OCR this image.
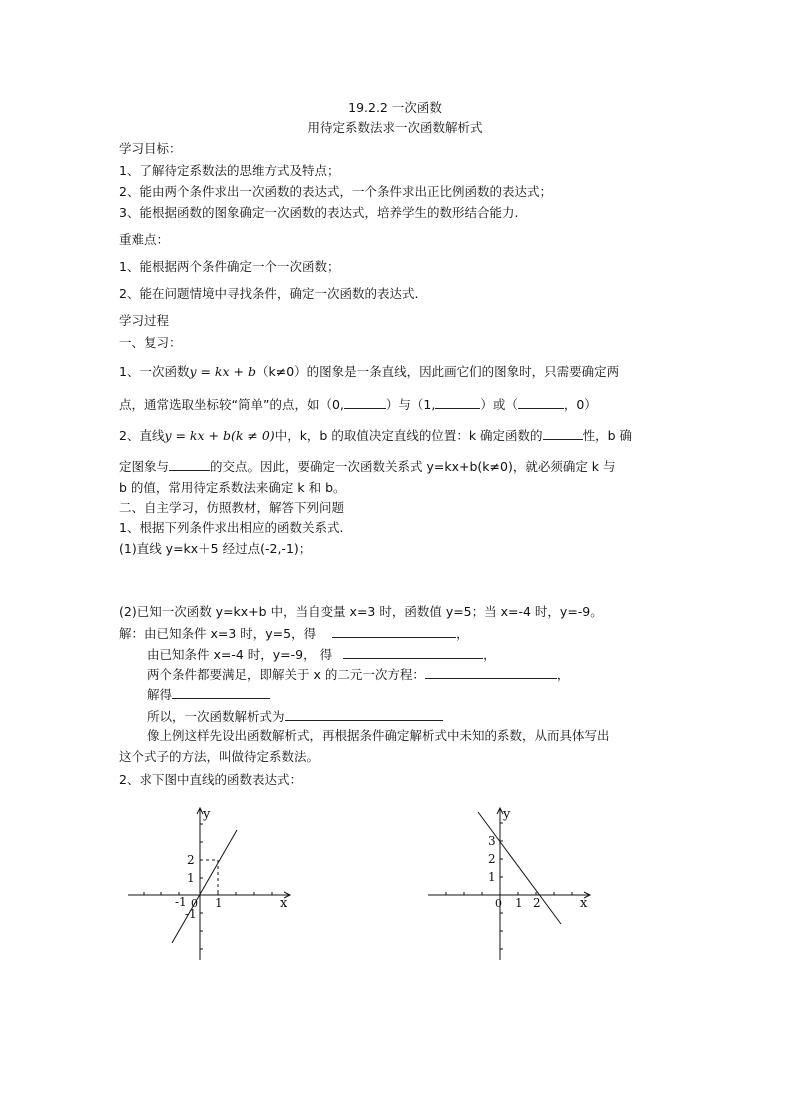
19.2.2 一次函数
用待定系数法求一次函数解析式
学习目标：
1、了解待定系数法的思维方式及特点；
2、能由两个条件求出一次函数的表达式，一个条件求出正比例函数的表达式；
3、能根据函数的图象确定一次函数的表达式，培养学生的数形结合能力.
重难点：
1、能根据两个条件确定一个一次函数；
2、能在问题情境中寻找条件，确定一次函数的表达式.
学习过程
一、复习：
1、一次函数y = kx + b（k≠0）的图象是一条直线，因此画它们的图象时，只需要确定两
点，通常选取坐标较“简单”的点，如（0,	）与（1,	）或（	，0）
2、直线y = kx + b(k ≠ 0)中，k，b 的取值决定直线的位置：k 确定函数的	性，b 确
定图象与	的交点。因此，要确定一次函数关系式 y=kx+b(k≠0)，就必须确定 k 与
b 的值，常用待定系数法来确定 k 和 b。
二、自主学习，仿照教材，解答下列问题
1、根据下列条件求出相应的函数关系式.
(1)直线 y=kx＋5 经过点(-2,-1)；
(2)已知一次函数 y=kx+b 中，当自变量 x=3 时，函数值 y=5；当 x=-4 时，y=-9。
解：由已知条件 x=3 时，y=5，得	，
由已知条件 x=-4 时，y=-9， 得	，
两个条件都要满足，即解关于 x 的二元一次方程：	，
解得
所以，一次函数解析式为
像上例这样先设出函数解析式，再根据条件确定解析式中未知的系数，从而具体写出
这个式子的方法，叫做待定系数法。
2、求下图中直线的函数表达式：
y
x
2
1
-1 0 1
-1
y
x
3
2
1
0 1 2
